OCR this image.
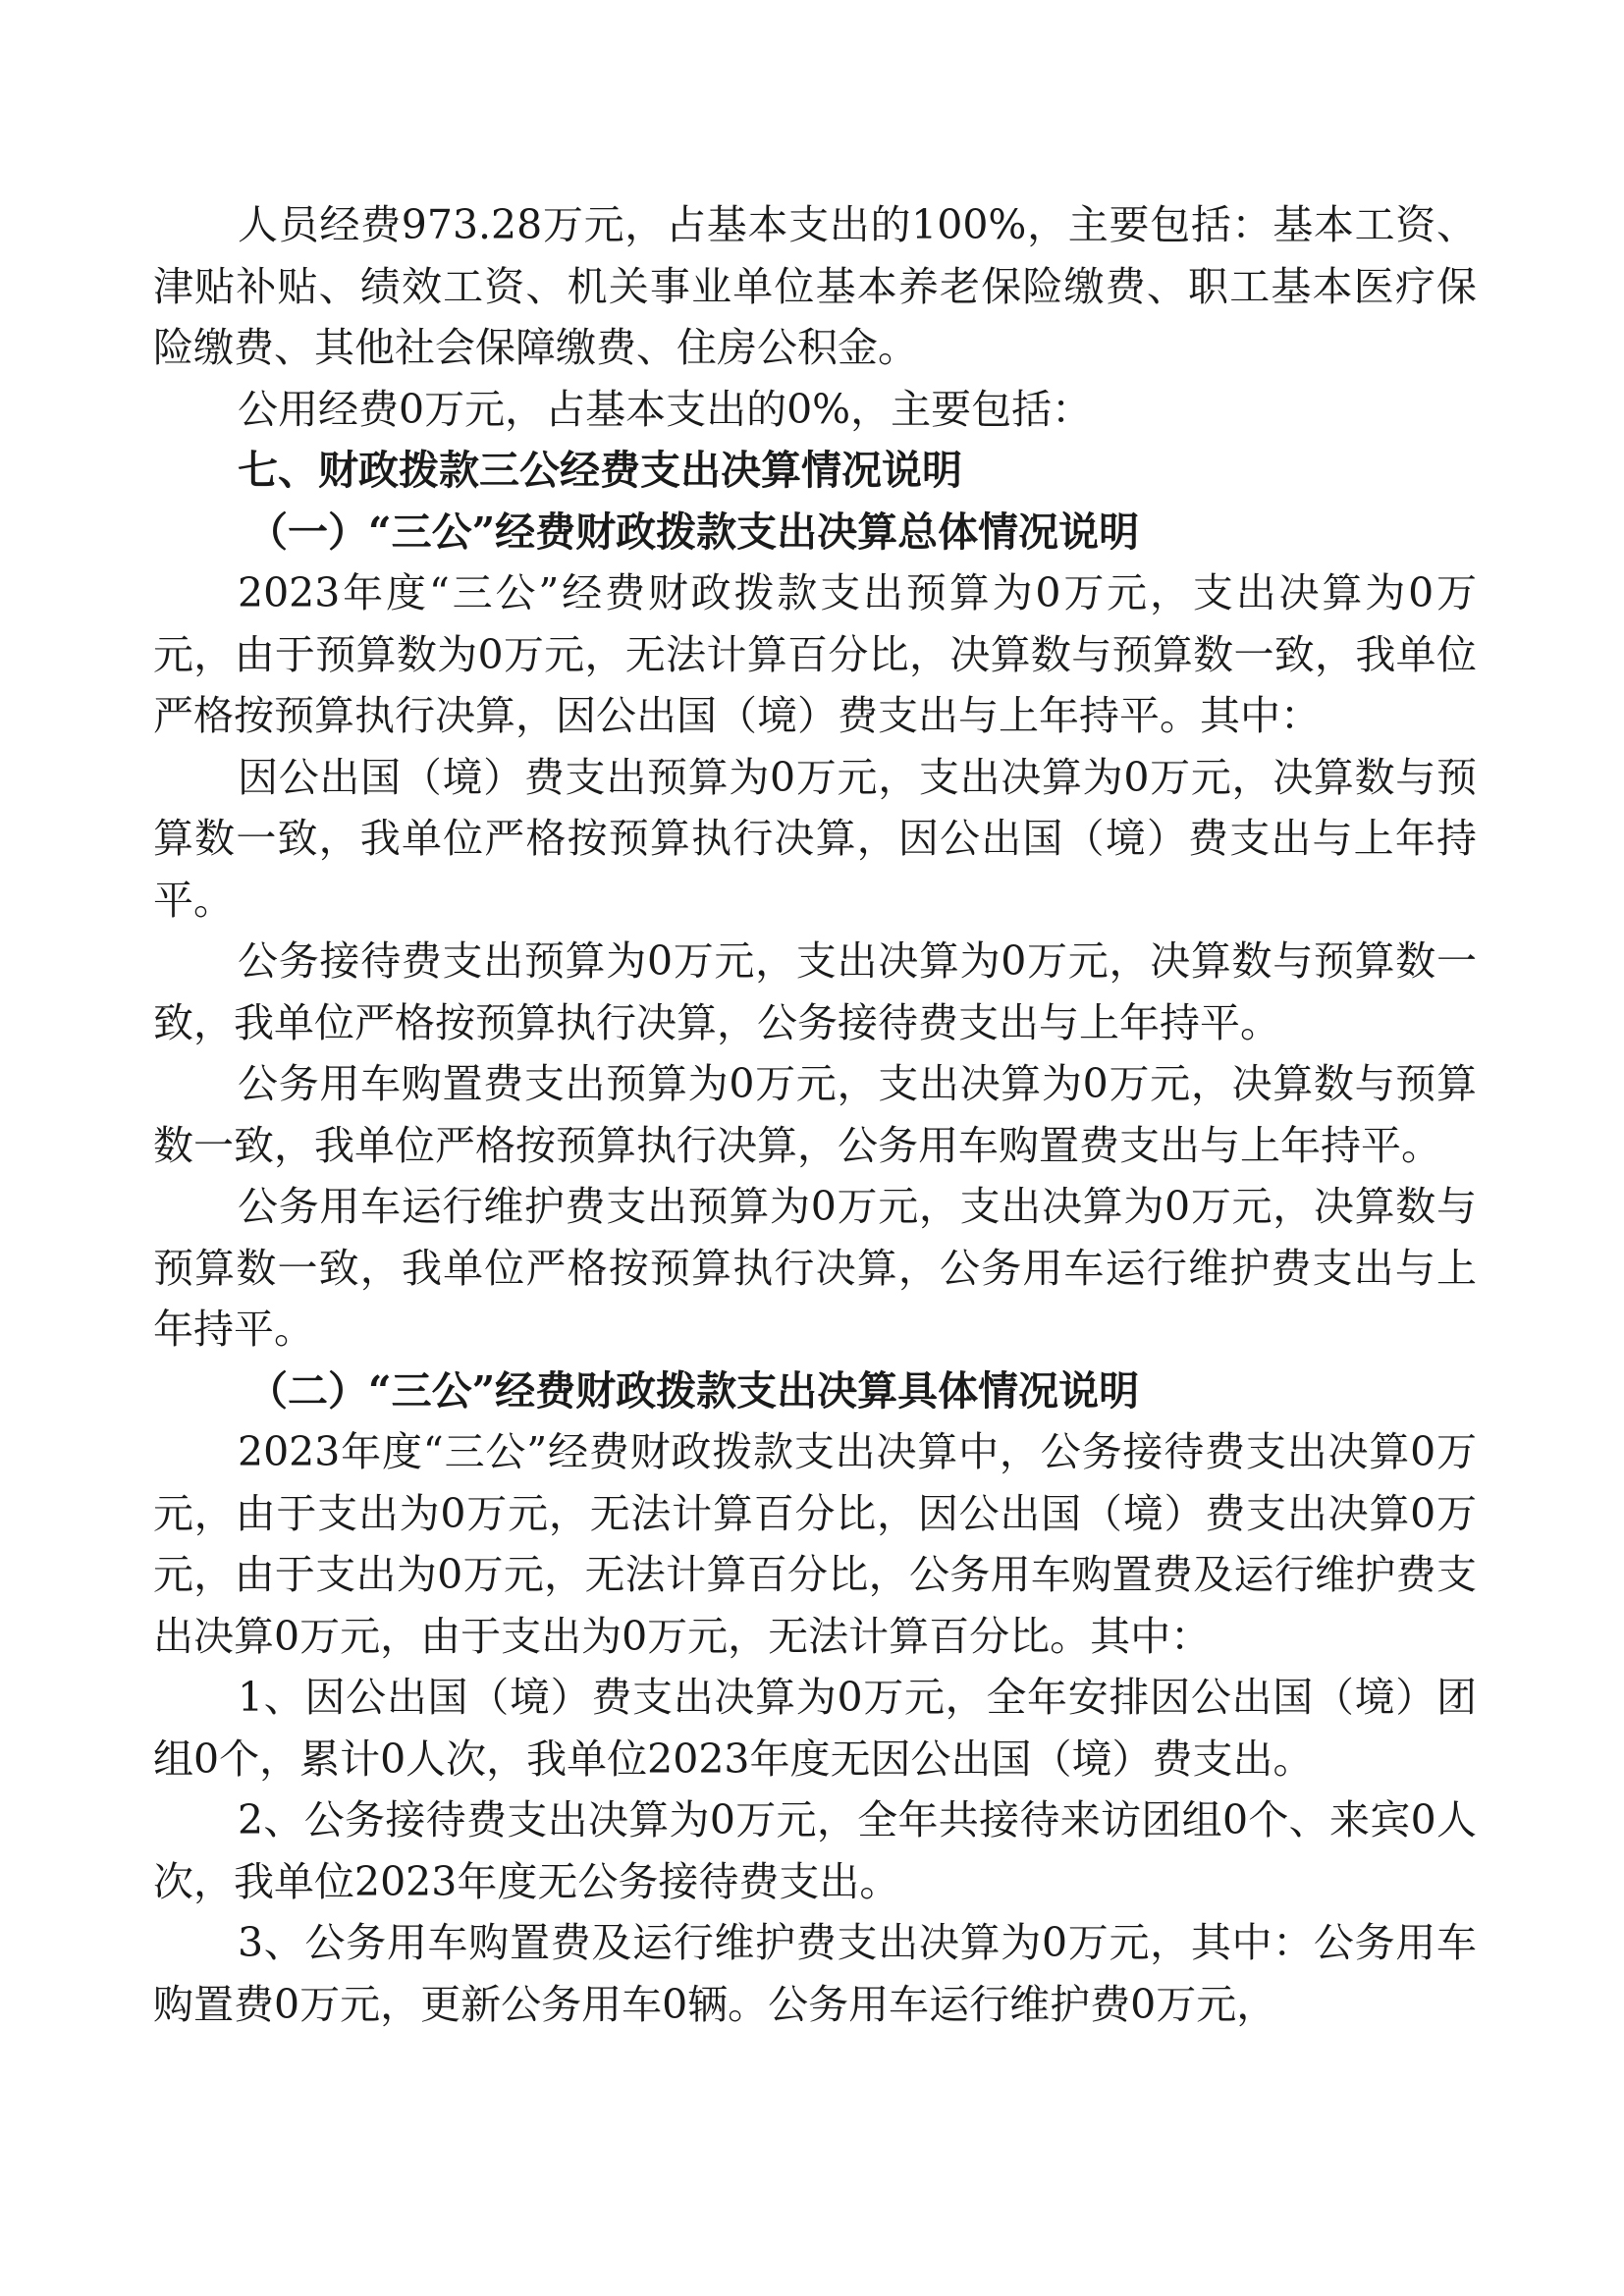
人员经费973.28万元，占基本支出的100%，主要包括：基本工资、津贴补贴、绩效工资、机关事业单位基本养老保险缴费、职工基本医疗保险缴费、其他社会保障缴费、住房公积金。

公用经费0万元，占基本支出的0%，主要包括：

七、财政拨款三公经费支出决算情况说明

（一）“三公”经费财政拨款支出决算总体情况说明

2023年度“三公”经费财政拨款支出预算为0万元，支出决算为0万元，由于预算数为0万元，无法计算百分比，决算数与预算数一致，我单位严格按预算执行决算，因公出国（境）费支出与上年持平。其中：

因公出国（境）费支出预算为0万元，支出决算为0万元，决算数与预算数一致，我单位严格按预算执行决算，因公出国（境）费支出与上年持平。

公务接待费支出预算为0万元，支出决算为0万元，决算数与预算数一致，我单位严格按预算执行决算，公务接待费支出与上年持平。

公务用车购置费支出预算为0万元，支出决算为0万元，决算数与预算数一致，我单位严格按预算执行决算，公务用车购置费支出与上年持平。

公务用车运行维护费支出预算为0万元，支出决算为0万元，决算数与预算数一致，我单位严格按预算执行决算，公务用车运行维护费支出与上年持平。

（二）“三公”经费财政拨款支出决算具体情况说明

2023年度“三公”经费财政拨款支出决算中，公务接待费支出决算0万元，由于支出为0万元，无法计算百分比，因公出国（境）费支出决算0万元，由于支出为0万元，无法计算百分比，公务用车购置费及运行维护费支出决算0万元，由于支出为0万元，无法计算百分比。其中：

1、因公出国（境）费支出决算为0万元，全年安排因公出国（境）团组0个，累计0人次，我单位2023年度无因公出国（境）费支出。

2、公务接待费支出决算为0万元，全年共接待来访团组0个、来宾0人次，我单位2023年度无公务接待费支出。

3、公务用车购置费及运行维护费支出决算为0万元，其中：公务用车购置费0万元，更新公务用车0辆。公务用车运行维护费0万元，
